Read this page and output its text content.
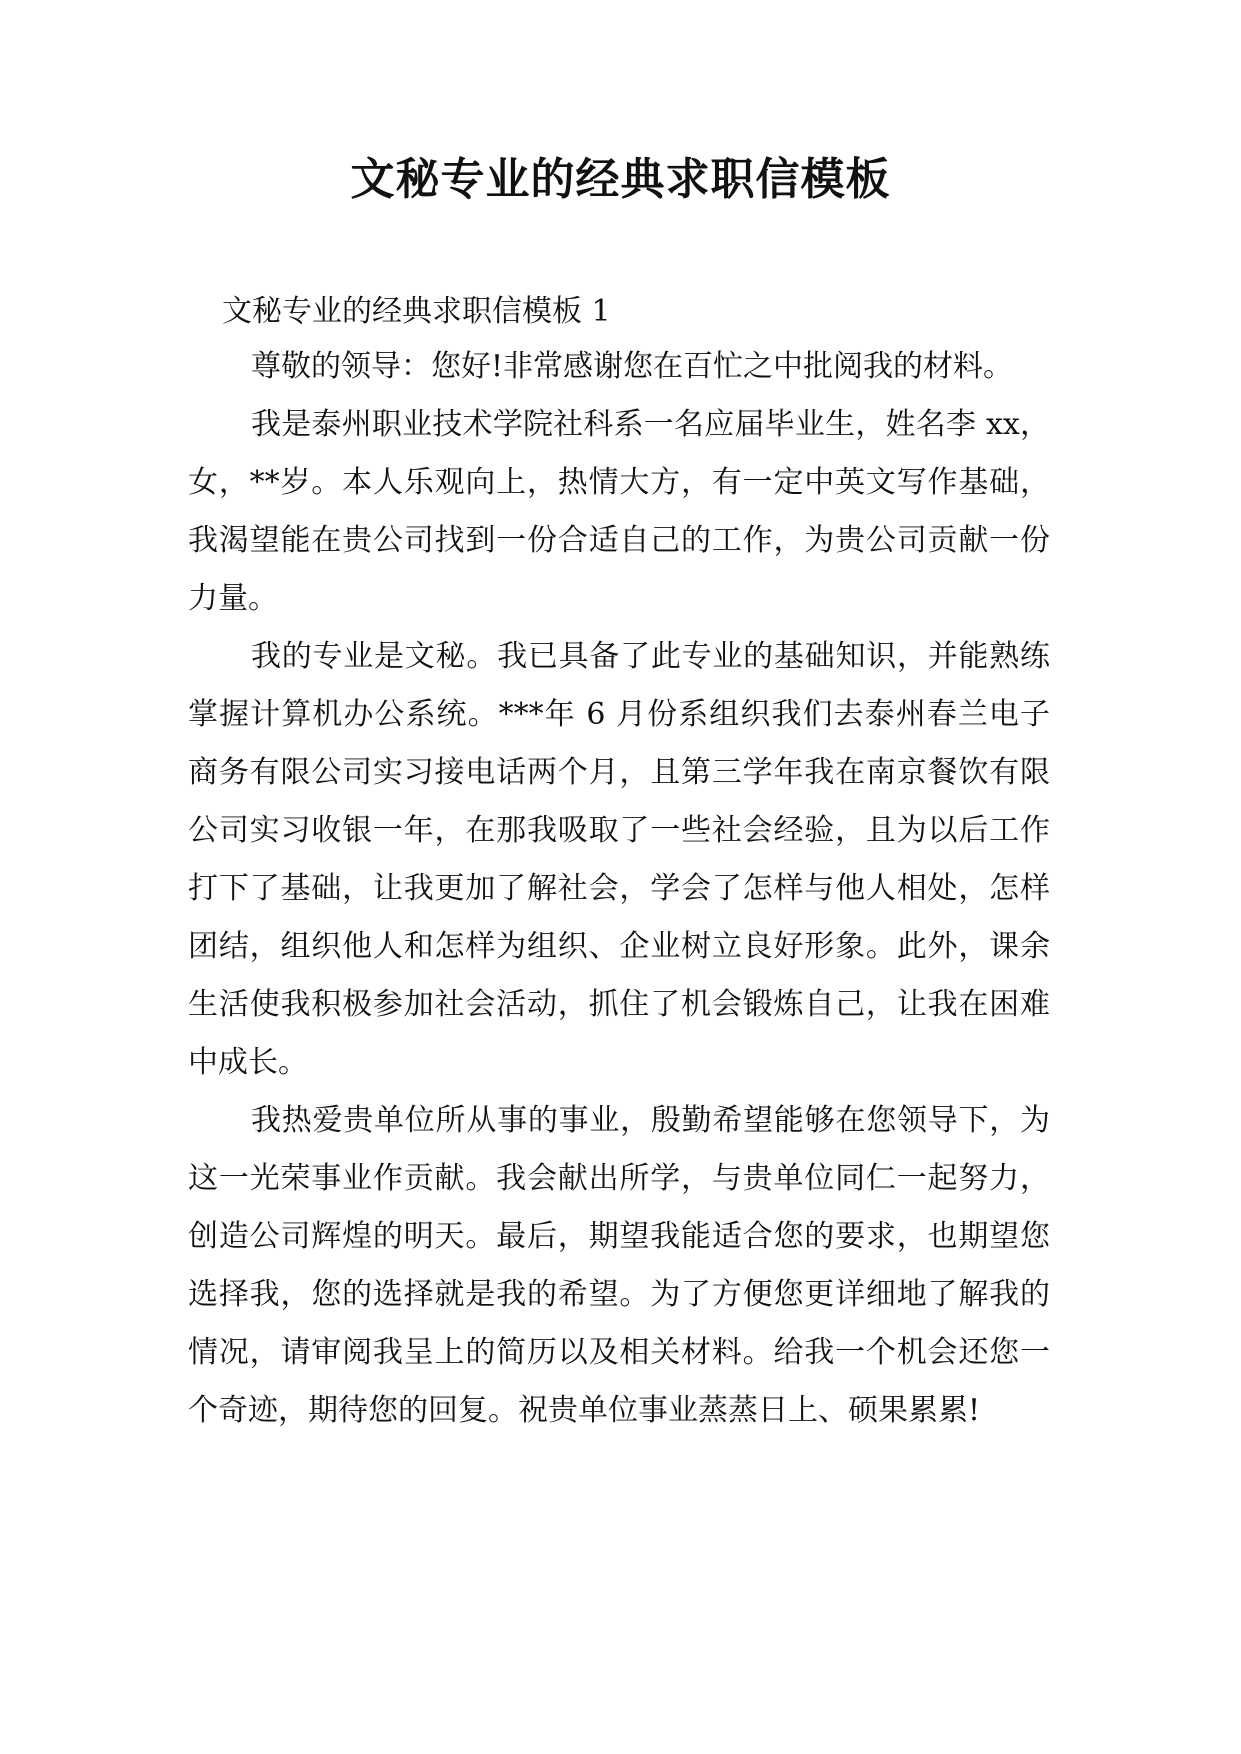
文秘专业的经典求职信模板

文秘专业的经典求职信模板 1

尊敬的领导：您好!非常感谢您在百忙之中批阅我的材料。

我是泰州职业技术学院社科系一名应届毕业生，姓名李 xx，女，**岁。本人乐观向上，热情大方，有一定中英文写作基础，我渴望能在贵公司找到一份合适自己的工作，为贵公司贡献一份力量。

我的专业是文秘。我已具备了此专业的基础知识，并能熟练掌握计算机办公系统。***年 6 月份系组织我们去泰州春兰电子商务有限公司实习接电话两个月，且第三学年我在南京餐饮有限公司实习收银一年，在那我吸取了一些社会经验，且为以后工作打下了基础，让我更加了解社会，学会了怎样与他人相处，怎样团结，组织他人和怎样为组织、企业树立良好形象。此外，课余生活使我积极参加社会活动，抓住了机会锻炼自己，让我在困难中成长。

我热爱贵单位所从事的事业，殷勤希望能够在您领导下，为这一光荣事业作贡献。我会献出所学，与贵单位同仁一起努力，创造公司辉煌的明天。最后，期望我能适合您的要求，也期望您选择我，您的选择就是我的希望。为了方便您更详细地了解我的情况，请审阅我呈上的简历以及相关材料。给我一个机会还您一个奇迹，期待您的回复。祝贵单位事业蒸蒸日上、硕果累累!
